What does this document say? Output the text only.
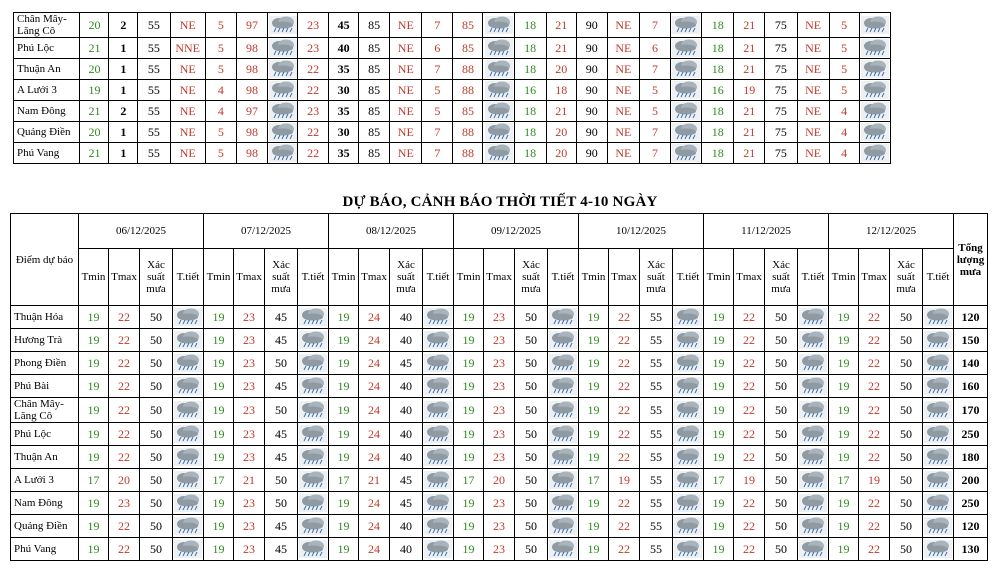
Chân Mây-Lăng Cô	20	2	55	NE	5	97		23	45	85	NE	7	85		18	21	90	NE	7		18	21	75	NE	5	
Phú Lộc	21	1	55	NNE	5	98		23	40	85	NE	6	85		18	21	90	NE	6		18	21	75	NE	5	
Thuận An	20	1	55	NE	5	98		22	35	85	NE	7	88		18	20	90	NE	7		18	21	75	NE	5	
A Lưới 3	19	1	55	NE	4	98		22	30	85	NE	5	88		16	18	90	NE	5		16	19	75	NE	5	
Nam Đông	21	2	55	NE	4	97		23	35	85	NE	5	85		18	21	90	NE	5		18	21	75	NE	4	
Quảng Điền	20	1	55	NE	5	98		22	30	85	NE	7	88		18	20	90	NE	7		18	21	75	NE	4	
Phú Vang	21	1	55	NE	5	98		22	35	85	NE	7	88		18	20	90	NE	7		18	21	75	NE	4	
DỰ BÁO, CẢNH BÁO THỜI TIẾT 4-10 NGÀY
Điểm dự báo	06/12/2025				07/12/2025				08/12/2025				09/12/2025				10/12/2025				11/12/2025				12/12/2025				Tổng lượng mưa
	Tmin	Tmax	Xác suất mưa	T.tiết	Tmin	Tmax	Xác suất mưa	T.tiết	Tmin	Tmax	Xác suất mưa	T.tiết	Tmin	Tmax	Xác suất mưa	T.tiết	Tmin	Tmax	Xác suất mưa	T.tiết	Tmin	Tmax	Xác suất mưa	T.tiết	Tmin	Tmax	Xác suất mưa	T.tiết	
Thuận Hóa	19	22	50		19	23	45		19	24	40		19	23	50		19	22	55		19	22	50		19	22	50		120
Hương Trà	19	22	50		19	23	45		19	24	40		19	23	50		19	22	55		19	22	50		19	22	50		150
Phong Điền	19	22	50		19	23	50		19	24	45		19	23	50		19	22	55		19	22	50		19	22	50		140
Phú Bài	19	22	50		19	23	45		19	24	40		19	23	50		19	22	55		19	22	50		19	22	50		160
Chân Mây-Lăng Cô	19	22	50		19	23	50		19	24	40		19	23	50		19	22	55		19	22	50		19	22	50		170
Phú Lộc	19	22	50		19	23	45		19	24	40		19	23	50		19	22	55		19	22	50		19	22	50		250
Thuận An	19	22	50		19	23	45		19	24	40		19	23	50		19	22	55		19	22	50		19	22	50		180
A Lưới 3	17	20	50		17	21	50		17	21	45		17	20	50		17	19	55		17	19	50		17	19	50		200
Nam Đông	19	23	50		19	23	50		19	24	45		19	23	50		19	22	55		19	22	50		19	22	50		250
Quảng Điền	19	22	50		19	23	45		19	24	40		19	23	50		19	22	55		19	22	50		19	22	50		120
Phú Vang	19	22	50		19	23	45		19	24	40		19	23	50		19	22	55		19	22	50		19	22	50		130
